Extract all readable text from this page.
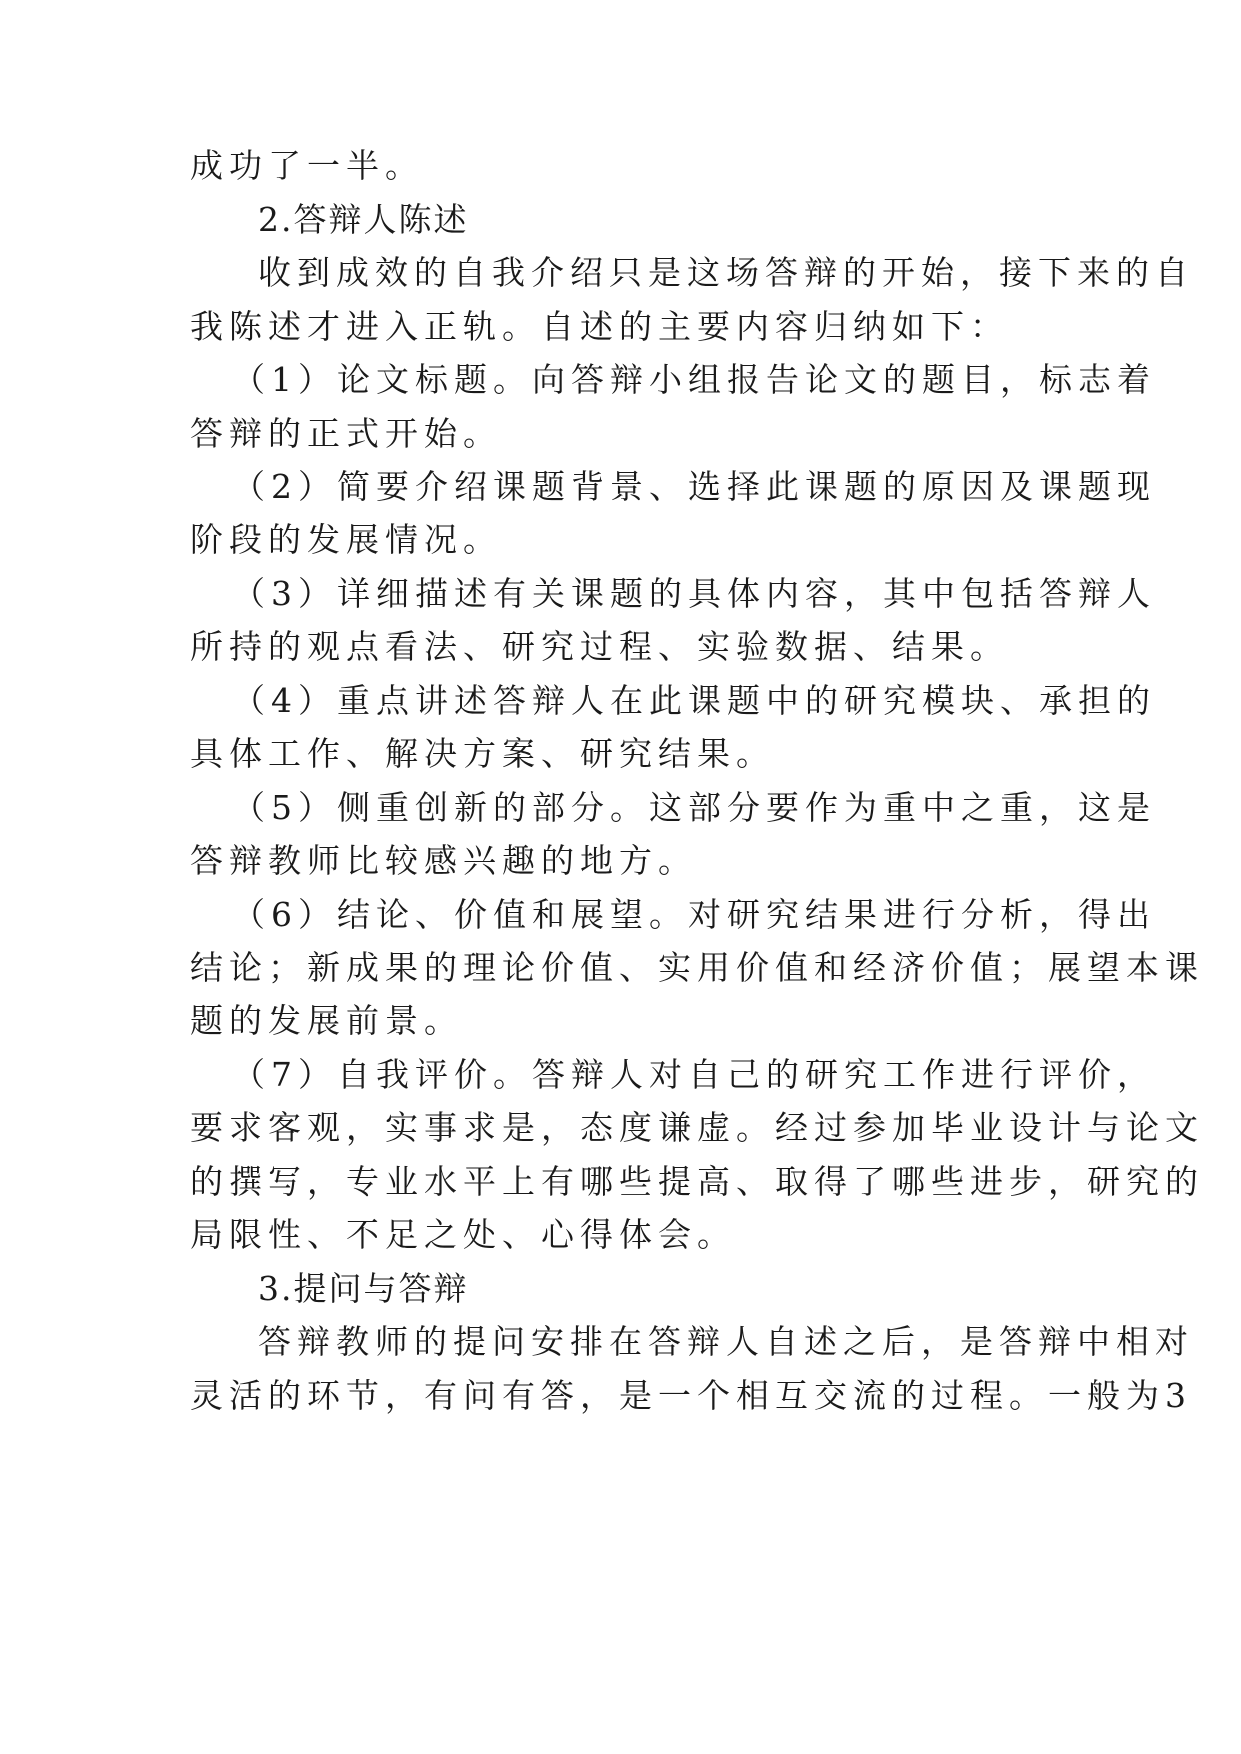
成功了一半。
2.答辩人陈述
收到成效的自我介绍只是这场答辩的开始，接下来的自
我陈述才进入正轨。自述的主要内容归纳如下：
（1）论文标题。向答辩小组报告论文的题目，标志着
答辩的正式开始。
（2）简要介绍课题背景、选择此课题的原因及课题现
阶段的发展情况。
（3）详细描述有关课题的具体内容，其中包括答辩人
所持的观点看法、研究过程、实验数据、结果。
（4）重点讲述答辩人在此课题中的研究模块、承担的
具体工作、解决方案、研究结果。
（5）侧重创新的部分。这部分要作为重中之重，这是
答辩教师比较感兴趣的地方。
（6）结论、价值和展望。对研究结果进行分析，得出
结论；新成果的理论价值、实用价值和经济价值；展望本课
题的发展前景。
（7）自我评价。答辩人对自己的研究工作进行评价，
要求客观，实事求是，态度谦虚。经过参加毕业设计与论文
的撰写，专业水平上有哪些提高、取得了哪些进步，研究的
局限性、不足之处、心得体会。
3.提问与答辩
答辩教师的提问安排在答辩人自述之后，是答辩中相对
灵活的环节，有问有答，是一个相互交流的过程。一般为3
